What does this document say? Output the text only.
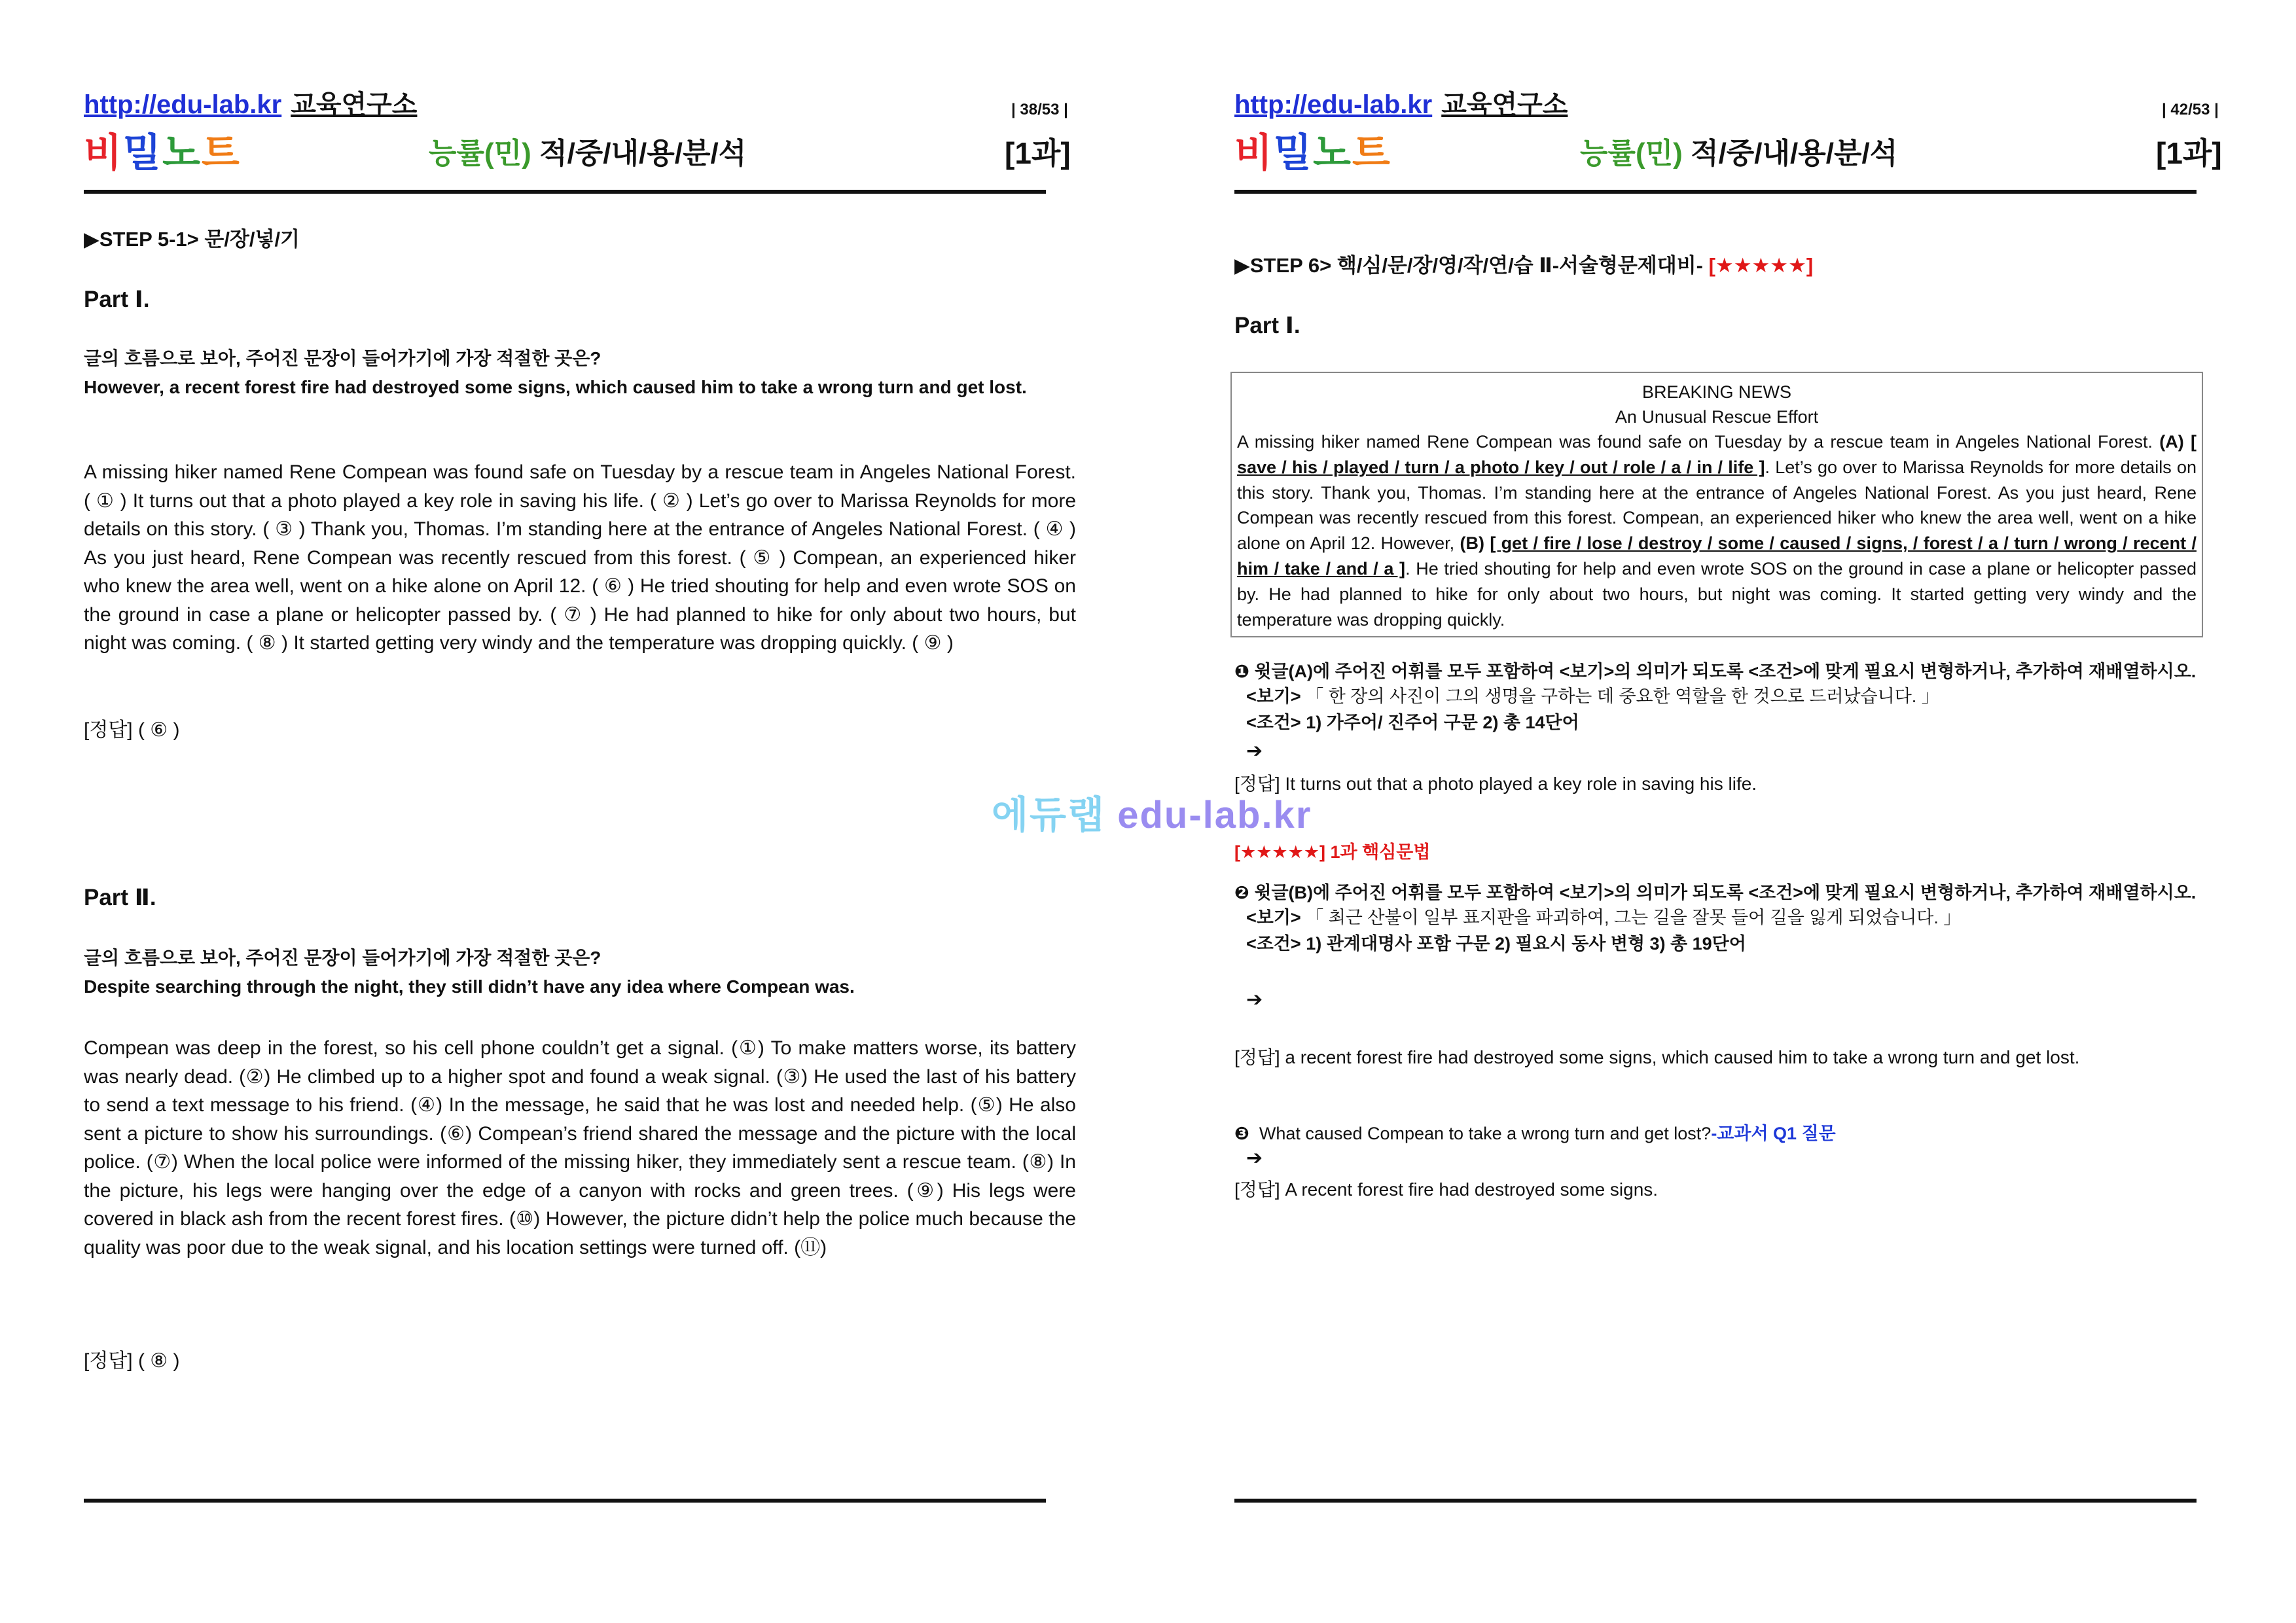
http://edu-lab.kr 교육연구소	| 38/53 |
비밀노트	능률(민) 적/중/내/용/분/석	[1과]
▶STEP 5-1> 문/장/넣/기
Part Ⅰ.
글의 흐름으로 보아, 주어진 문장이 들어가기에 가장 적절한 곳은?
However, a recent forest fire had destroyed some signs, which caused him to take a wrong turn and get lost.
A missing hiker named Rene Compean was found safe on Tuesday by a rescue team in Angeles National Forest. ( ① ) It turns out that a photo played a key role in saving his life. ( ② ) Let’s go over to Marissa Reynolds for more details on this story. ( ③ ) Thank you, Thomas. I’m standing here at the entrance of Angeles National Forest. ( ④ ) As you just heard, Rene Compean was recently rescued from this forest. ( ⑤ ) Compean, an experienced hiker who knew the area well, went on a hike alone on April 12. ( ⑥ ) He tried shouting for help and even wrote SOS on the ground in case a plane or helicopter passed by. ( ⑦ ) He had planned to hike for only about two hours, but night was coming. ( ⑧ ) It started getting very windy and the temperature was dropping quickly. ( ⑨ )
[정답] ( ⑥ )
Part Ⅱ.
글의 흐름으로 보아, 주어진 문장이 들어가기에 가장 적절한 곳은?
Despite searching through the night, they still didn’t have any idea where Compean was.
Compean was deep in the forest, so his cell phone couldn’t get a signal. (①) To make matters worse, its battery was nearly dead. (②) He climbed up to a higher spot and found a weak signal. (③) He used the last of his battery to send a text message to his friend. (④) In the message, he said that he was lost and needed help. (⑤) He also sent a picture to show his surroundings. (⑥) Compean’s friend shared the message and the picture with the local police. (⑦) When the local police were informed of the missing hiker, they immediately sent a rescue team. (⑧) In the picture, his legs were hanging over the edge of a canyon with rocks and green trees. (⑨) His legs were covered in black ash from the recent forest fires. (⑩) However, the picture didn’t help the police much because the quality was poor due to the weak signal, and his location settings were turned off. (⑪)
[정답] ( ⑧ )
http://edu-lab.kr 교육연구소	| 42/53 |
비밀노트	능률(민) 적/중/내/용/분/석	[1과]
▶STEP 6> 핵/심/문/장/영/작/연/습 Ⅱ-서술형문제대비- [★★★★★]
Part Ⅰ.
BREAKING NEWS
An Unusual Rescue Effort
A missing hiker named Rene Compean was found safe on Tuesday by a rescue team in Angeles National Forest. (A) [ save / his / played / turn / a photo / key / out / role / a / in / life ]. Let’s go over to Marissa Reynolds for more details on this story. Thank you, Thomas. I’m standing here at the entrance of Angeles National Forest. As you just heard, Rene Compean was recently rescued from this forest. Compean, an experienced hiker who knew the area well, went on a hike alone on April 12. However, (B) [ get / fire / lose / destroy / some / caused / signs, / forest / a / turn / wrong / recent / him / take / and / a ]. He tried shouting for help and even wrote SOS on the ground in case a plane or helicopter passed by. He had planned to hike for only about two hours, but night was coming. It started getting very windy and the temperature was dropping quickly.
❶ 윗글(A)에 주어진 어휘를 모두 포함하여 <보기>의 의미가 되도록 <조건>에 맞게 필요시 변형하거나, 추가하여 재배열하시오.
<보기> 「 한 장의 사진이 그의 생명을 구하는 데 중요한 역할을 한 것으로 드러났습니다. 」
<조건> 1) 가주어/ 진주어 구문 2) 총 14단어
➔
[정답] It turns out that a photo played a key role in saving his life.
[★★★★★] 1과 핵심문법
❷ 윗글(B)에 주어진 어휘를 모두 포함하여 <보기>의 의미가 되도록 <조건>에 맞게 필요시 변형하거나, 추가하여 재배열하시오.
<보기> 「 최근 산불이 일부 표지판을 파괴하여, 그는 길을 잘못 들어 길을 잃게 되었습니다. 」
<조건> 1) 관계대명사 포함 구문 2) 필요시 동사 변형 3) 총 19단어
➔
[정답] a recent forest fire had destroyed some signs, which caused him to take a wrong turn and get lost.
❸ What caused Compean to take a wrong turn and get lost?-교과서 Q1 질문
➔
[정답] A recent forest fire had destroyed some signs.
에듀랩 edu-lab.kr
